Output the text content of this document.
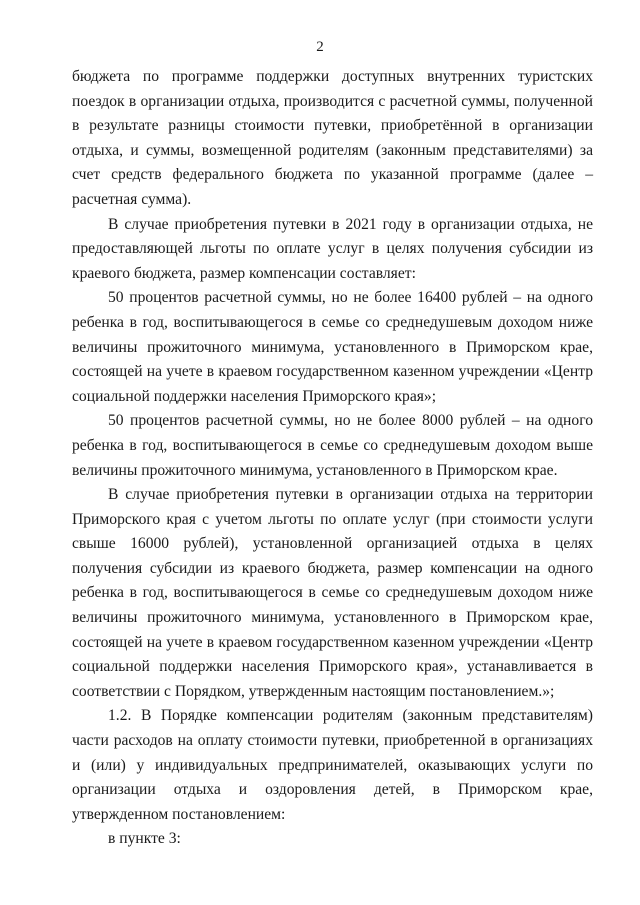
2

бюджета по программе поддержки доступных внутренних туристских поездок в организации отдыха, производится с расчетной суммы, полученной в результате разницы стоимости путевки, приобретённой в организации отдыха, и суммы, возмещенной родителям (законным представителями) за счет средств федерального бюджета по указанной программе (далее – расчетная сумма).

В случае приобретения путевки в 2021 году в организации отдыха, не предоставляющей льготы по оплате услуг в целях получения субсидии из краевого бюджета, размер компенсации составляет:

50 процентов расчетной суммы, но не более 16400 рублей – на одного ребенка в год, воспитывающегося в семье со среднедушевым доходом ниже величины прожиточного минимума, установленного в Приморском крае, состоящей на учете в краевом государственном казенном учреждении «Центр социальной поддержки населения Приморского края»;

50 процентов расчетной суммы, но не более 8000 рублей – на одного ребенка в год, воспитывающегося в семье со среднедушевым доходом выше величины прожиточного минимума, установленного в Приморском крае.

В случае приобретения путевки в организации отдыха на территории Приморского края с учетом льготы по оплате услуг (при стоимости услуги свыше 16000 рублей), установленной организацией отдыха в целях получения субсидии из краевого бюджета, размер компенсации на одного ребенка в год, воспитывающегося в семье со среднедушевым доходом ниже величины прожиточного минимума, установленного в Приморском крае, состоящей на учете в краевом государственном казенном учреждении «Центр социальной поддержки населения Приморского края», устанавливается в соответствии с Порядком, утвержденным настоящим постановлением.»;

1.2. В Порядке компенсации родителям (законным представителям) части расходов на оплату стоимости путевки, приобретенной в организациях и (или) у индивидуальных предпринимателей, оказывающих услуги по организации отдыха и оздоровления детей, в Приморском крае, утвержденном постановлением:

в пункте 3:
